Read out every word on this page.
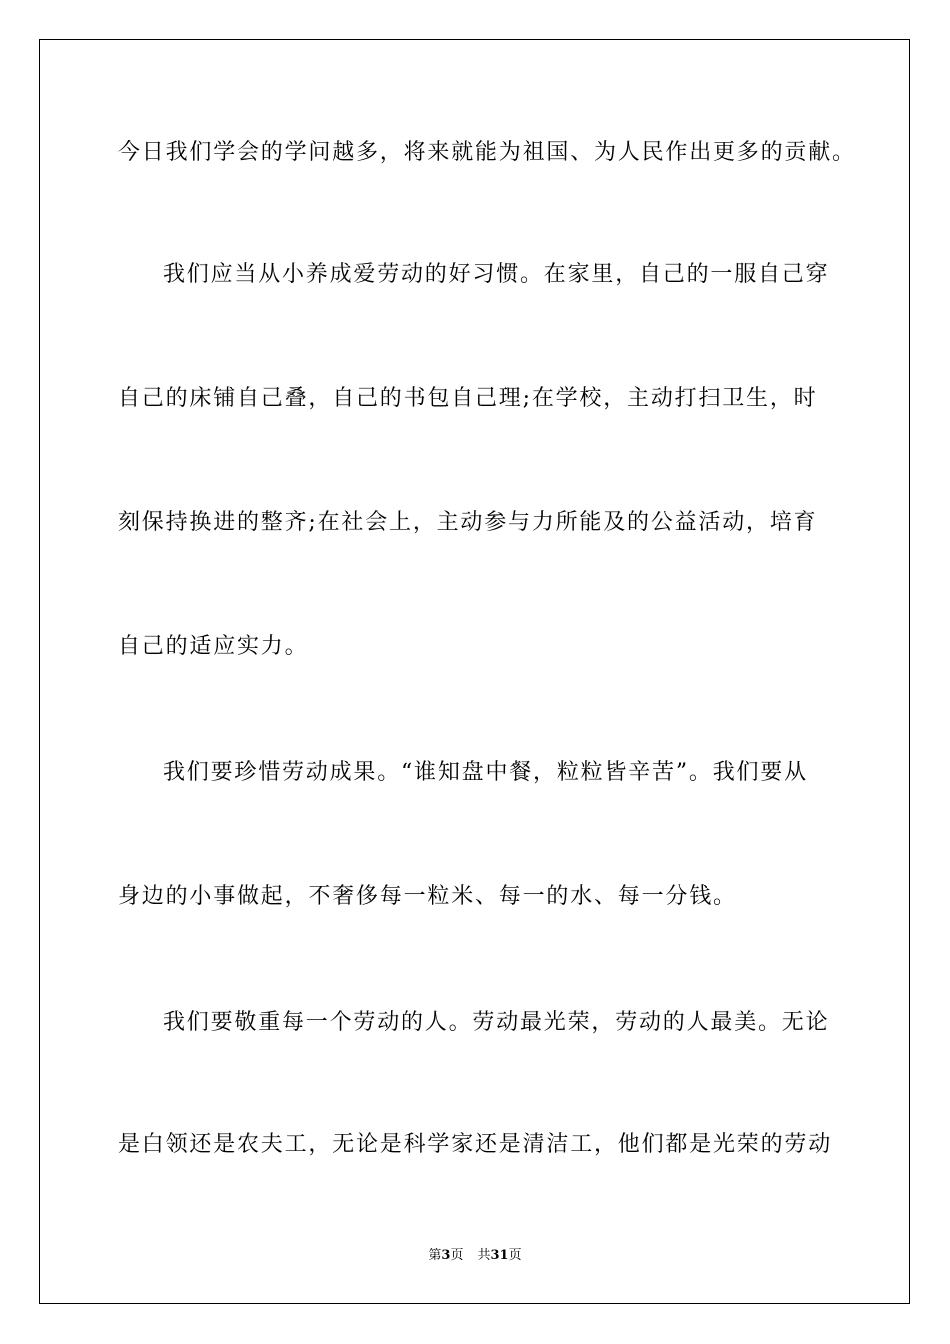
今日我们学会的学问越多，将来就能为祖国、为人民作出更多的贡献。
我们应当从小养成爱劳动的好习惯。在家里，自己的一服自己穿
自己的床铺自己叠，自己的书包自己理;在学校，主动打扫卫生，时
刻保持换进的整齐;在社会上，主动参与力所能及的公益活动，培育
自己的适应实力。
我们要珍惜劳动成果。“谁知盘中餐，粒粒皆辛苦”。我们要从
身边的小事做起，不奢侈每一粒米、每一的水、每一分钱。
我们要敬重每一个劳动的人。劳动最光荣，劳动的人最美。无论
是白领还是农夫工，无论是科学家还是清洁工，他们都是光荣的劳动
第3页 共31页
